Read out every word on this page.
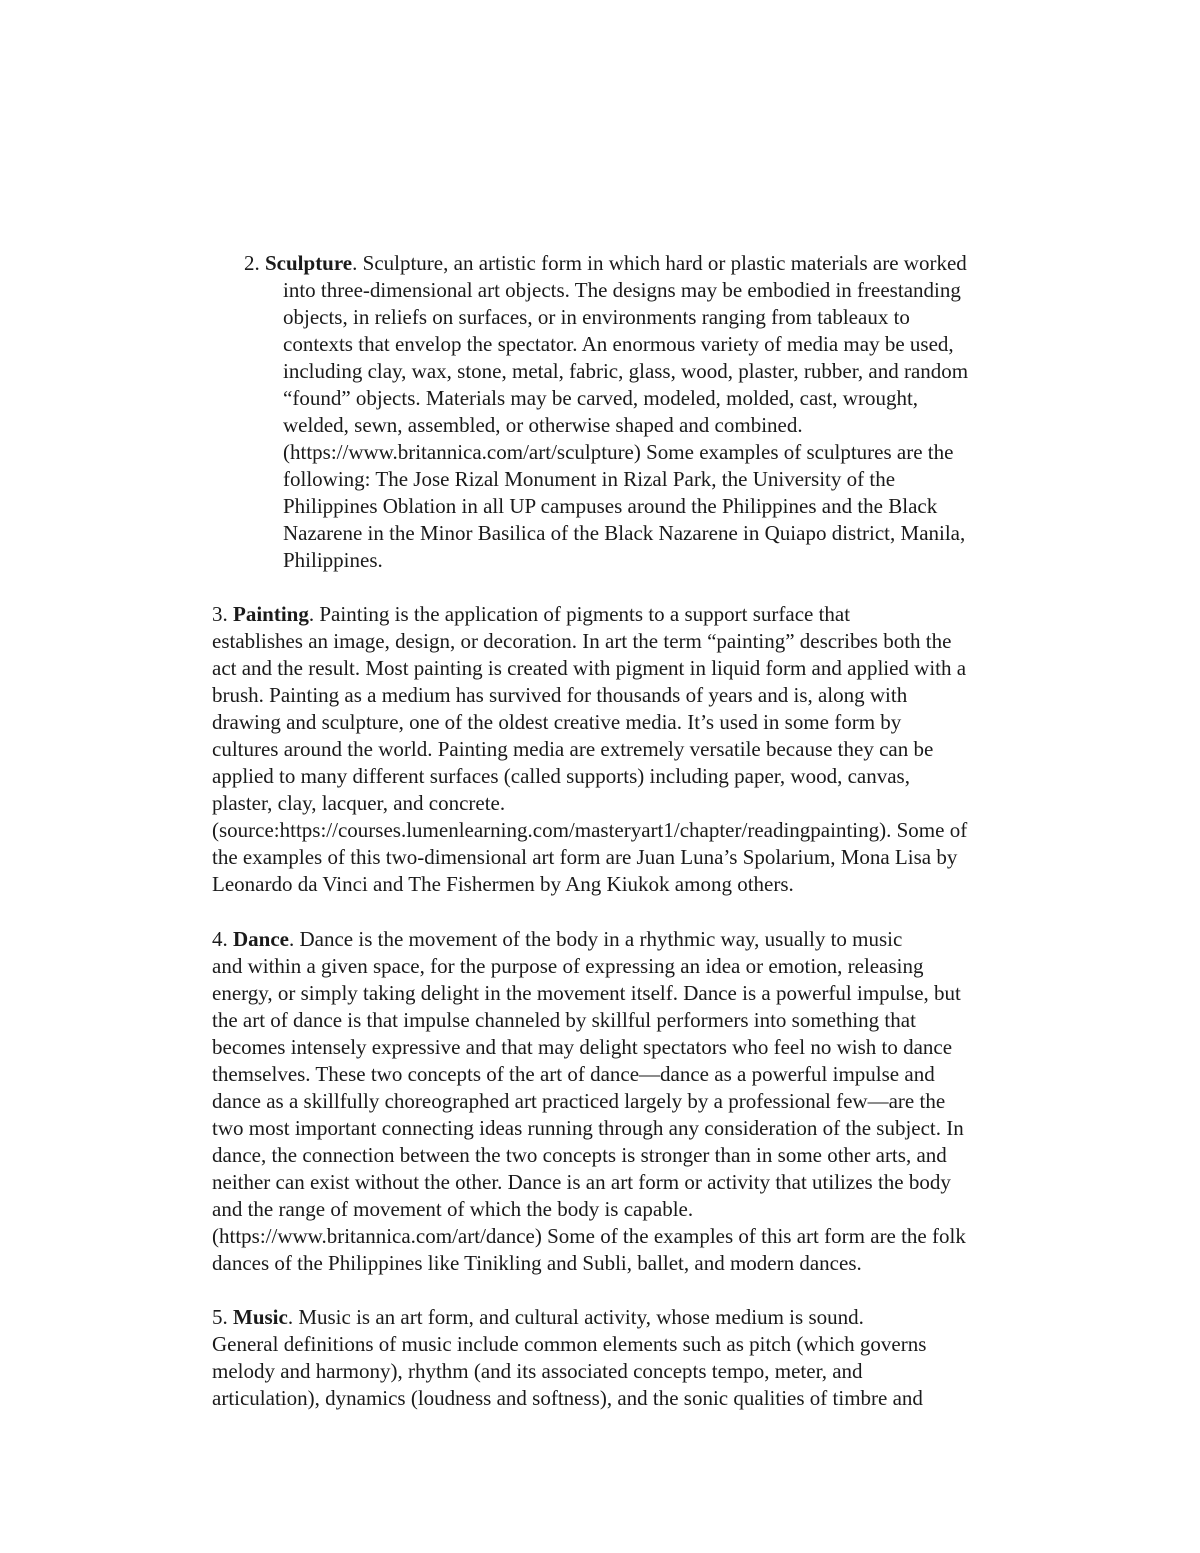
2. Sculpture. Sculpture, an artistic form in which hard or plastic materials are worked
into three-dimensional art objects. The designs may be embodied in freestanding
objects, in reliefs on surfaces, or in environments ranging from tableaux to
contexts that envelop the spectator. An enormous variety of media may be used,
including clay, wax, stone, metal, fabric, glass, wood, plaster, rubber, and random
“found” objects. Materials may be carved, modeled, molded, cast, wrought,
welded, sewn, assembled, or otherwise shaped and combined.
(https://www.britannica.com/art/sculpture) Some examples of sculptures are the
following: The Jose Rizal Monument in Rizal Park, the University of the
Philippines Oblation in all UP campuses around the Philippines and the Black
Nazarene in the Minor Basilica of the Black Nazarene in Quiapo district, Manila,
Philippines.
3. Painting. Painting is the application of pigments to a support surface that
establishes an image, design, or decoration. In art the term “painting” describes both the
act and the result. Most painting is created with pigment in liquid form and applied with a
brush. Painting as a medium has survived for thousands of years and is, along with
drawing and sculpture, one of the oldest creative media. It’s used in some form by
cultures around the world. Painting media are extremely versatile because they can be
applied to many different surfaces (called supports) including paper, wood, canvas,
plaster, clay, lacquer, and concrete.
(source:https://courses.lumenlearning.com/masteryart1/chapter/readingpainting). Some of
the examples of this two-dimensional art form are Juan Luna’s Spolarium, Mona Lisa by
Leonardo da Vinci and The Fishermen by Ang Kiukok among others.
4. Dance. Dance is the movement of the body in a rhythmic way, usually to music
and within a given space, for the purpose of expressing an idea or emotion, releasing
energy, or simply taking delight in the movement itself. Dance is a powerful impulse, but
the art of dance is that impulse channeled by skillful performers into something that
becomes intensely expressive and that may delight spectators who feel no wish to dance
themselves. These two concepts of the art of dance—dance as a powerful impulse and
dance as a skillfully choreographed art practiced largely by a professional few—are the
two most important connecting ideas running through any consideration of the subject. In
dance, the connection between the two concepts is stronger than in some other arts, and
neither can exist without the other. Dance is an art form or activity that utilizes the body
and the range of movement of which the body is capable.
(https://www.britannica.com/art/dance) Some of the examples of this art form are the folk
dances of the Philippines like Tinikling and Subli, ballet, and modern dances.
5. Music. Music is an art form, and cultural activity, whose medium is sound.
General definitions of music include common elements such as pitch (which governs
melody and harmony), rhythm (and its associated concepts tempo, meter, and
articulation), dynamics (loudness and softness), and the sonic qualities of timbre and
